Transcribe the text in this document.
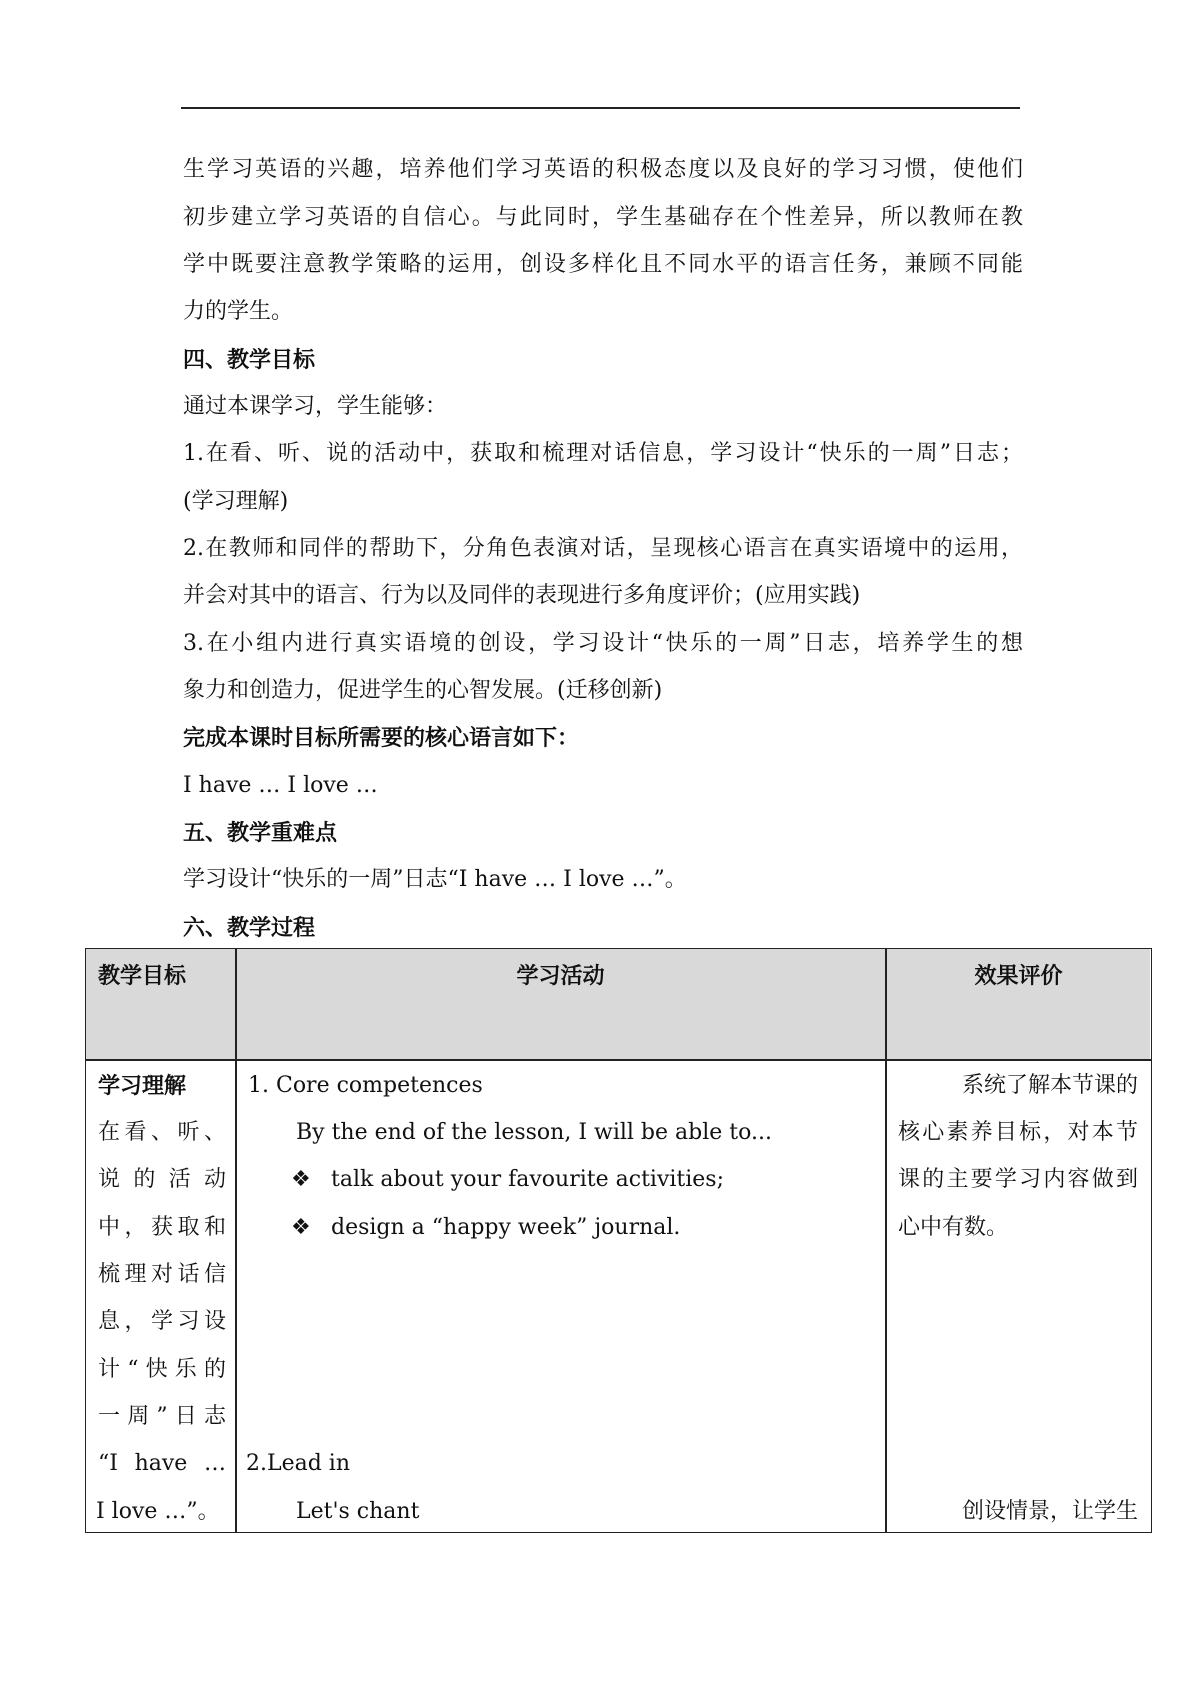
生学习英语的兴趣，培养他们学习英语的积极态度以及良好的学习习惯，使他们
初步建立学习英语的自信心。与此同时，学生基础存在个性差异，所以教师在教
学中既要注意教学策略的运用，创设多样化且不同水平的语言任务，兼顾不同能
力的学生。
四、教学目标
通过本课学习，学生能够：
1.在看、听、说的活动中，获取和梳理对话信息，学习设计“快乐的一周”日志；
(学习理解)
2.在教师和同伴的帮助下，分角色表演对话，呈现核心语言在真实语境中的运用，
并会对其中的语言、行为以及同伴的表现进行多角度评价；(应用实践)
3.在小组内进行真实语境的创设，学习设计“快乐的一周”日志，培养学生的想
象力和创造力，促进学生的心智发展。(迁移创新)
完成本课时目标所需要的核心语言如下：
I have … I love …
五、教学重难点
学习设计“快乐的一周”日志“I have … I love …”。
六、教学过程
教学目标	学习活动	效果评价
学习理解
在看、听、
说的活动
中，获取和
梳理对话信
息，学习设
计“快乐的
一周”日志
“I have …
I love …”。
1. Core competences
By the end of the lesson, I will be able to...
❖ talk about your favourite activities;
❖ design a “happy week” journal.
2.Lead in
Let's chant
系统了解本节课的
核心素养目标，对本节
课的主要学习内容做到
心中有数。
创设情景，让学生
